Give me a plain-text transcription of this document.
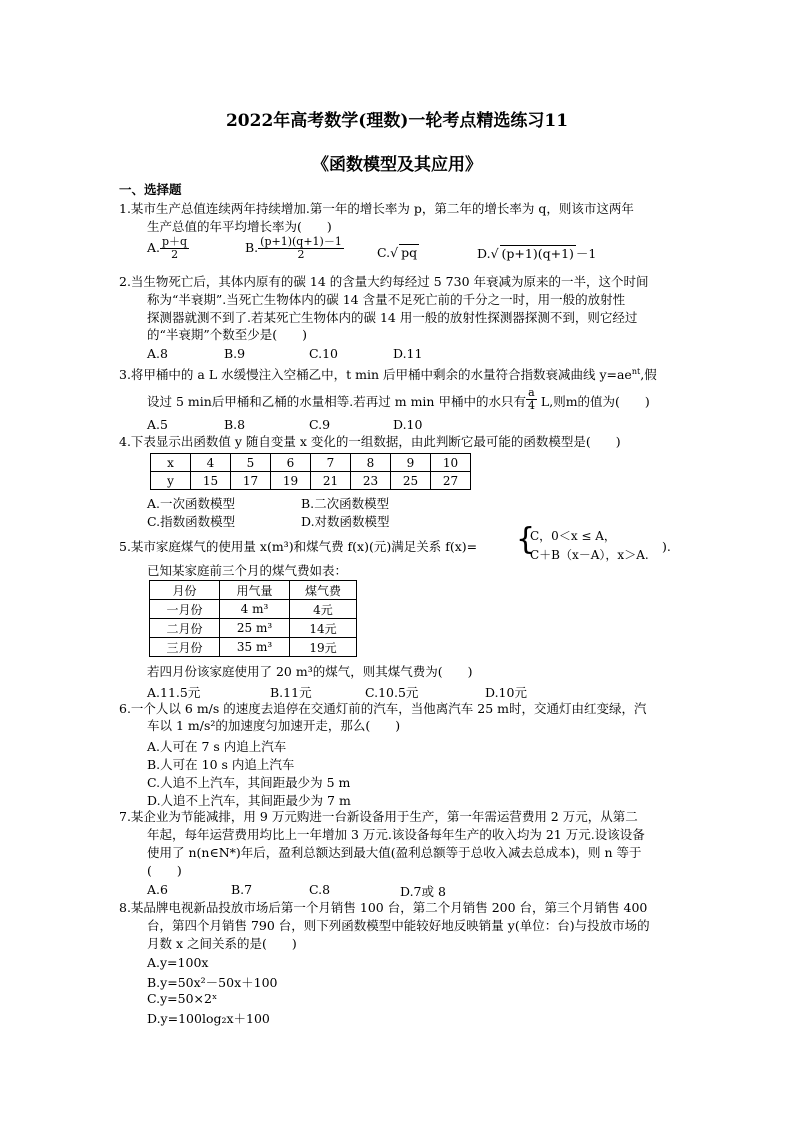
2022年高考数学(理数)一轮考点精选练习11
《函数模型及其应用》
一、选择题
1.某市生产总值连续两年持续增加.第一年的增长率为 p，第二年的增长率为 q，则该市这两年
生产总值的年平均增长率为(　　)
A. $\frac{p+q}{2}$	B. $\frac{(p+1)(q+1)-1}{2}$	C.√ pq	D.√ (p+1)(q+1) －1
2.当生物死亡后，其体内原有的碳 14 的含量大约每经过 5 730 年衰减为原来的一半，这个时间
称为“半衰期”.当死亡生物体内的碳 14 含量不足死亡前的千分之一时，用一般的放射性
探测器就测不到了.若某死亡生物体内的碳 14 用一般的放射性探测器探测不到，则它经过
的“半衰期”个数至少是(　　)
A.8	B.9	C.10	D.11
3.将甲桶中的 a L 水缓慢注入空桶乙中，t min 后甲桶中剩余的水量符合指数衰减曲线 $y=ae^{nt}$,假
设过 5 min后甲桶和乙桶的水量相等.若再过 m min 甲桶中的水只有 $\frac{a}{4} L$,则m的值为(　　)
A.5	B.8	C.9	D.10
4.下表显示出函数值 y 随自变量 x 变化的一组数据，由此判断它最可能的函数模型是(　　)
x	4	5	6	7	8	9	10
y	15	17	19	21	23	25	27
A.一次函数模型	B.二次函数模型
C.指数函数模型	D.对数函数模型
5.某市家庭煤气的使用量 x(m³)和煤气费 f(x)(元)满足关系 f(x)= {
C，0＜x ≤ A，
C＋B（x－A），x＞A.
).
已知某家庭前三个月的煤气费如表：
月份	用气量	煤气费
一月份	4 m³	4元
二月份	25 m³	14元
三月份	35 m³	19元
若四月份该家庭使用了 20 m³的煤气，则其煤气费为(　　)
A.11.5元	B.11元	C.10.5元	D.10元
6.一个人以 6 m/s 的速度去追停在交通灯前的汽车，当他离汽车 25 m时，交通灯由红变绿，汽
车以 1 m/s²的加速度匀加速开走，那么(　　)
A.人可在 7 s 内追上汽车
B.人可在 10 s 内追上汽车
C.人追不上汽车，其间距最少为 5 m
D.人追不上汽车，其间距最少为 7 m
7.某企业为节能减排，用 9 万元购进一台新设备用于生产，第一年需运营费用 2 万元，从第二
年起，每年运营费用均比上一年增加 3 万元.该设备每年生产的收入均为 21 万元.设该设备
使用了 n(n∈N*)年后，盈利总额达到最大值(盈利总额等于总收入减去总成本)，则 n 等于
(　　)
A.6	B.7	C.8	D.7或 8
8.某品牌电视新品投放市场后第一个月销售 100 台，第二个月销售 200 台，第三个月销售 400
台，第四个月销售 790 台，则下列函数模型中能较好地反映销量 y(单位：台)与投放市场的
月数 x 之间关系的是(　　)
A.y=100x
B.y=50x²－50x＋100
C.y=50×2ˣ
D.y=100log₂x＋100
